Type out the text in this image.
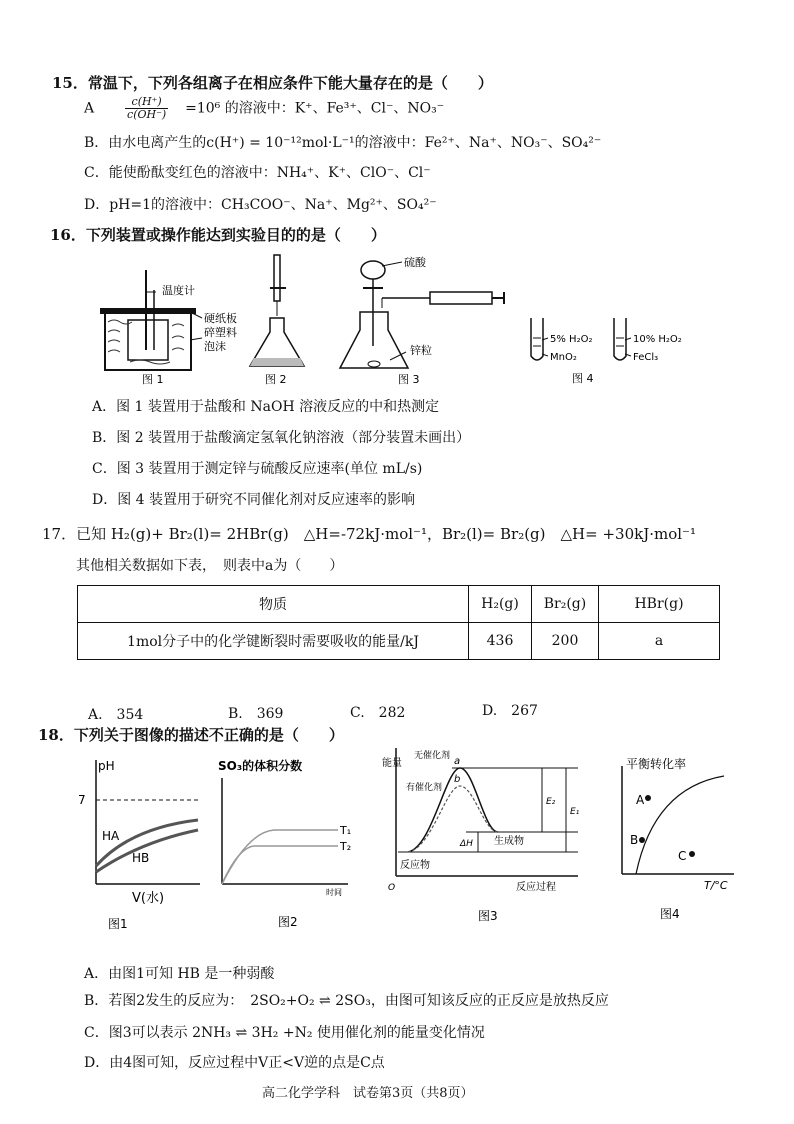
15．常温下，下列各组离子在相应条件下能大量存在的是（　　）
A	$\frac{c(H^+)}{c(OH^-)} =10^6$ 的溶液中：K⁺、Fe³⁺、Cl⁻、NO₃⁻
B．由水电离产生的c(H⁺) = 10⁻¹²mol·L⁻¹的溶液中：Fe²⁺、Na⁺、NO₃⁻、SO₄²⁻
C．能使酚酞变红色的溶液中：NH₄⁺、K⁺、ClO⁻、Cl⁻
D．pH=1的溶液中：CH₃COO⁻、Na⁺、Mg²⁺、SO₄²⁻
16．下列装置或操作能达到实验目的的是（　　）
温度计
硬纸板
碎塑料
泡沫
图 1	图 2
硫酸
锌粒
图 3
5% H₂O₂
MnO₂
10% H₂O₂
FeCl₃
图 4
A．图 1 装置用于盐酸和 NaOH 溶液反应的中和热测定
B．图 2 装置用于盐酸滴定氢氧化钠溶液（部分装置未画出）
C．图 3 装置用于测定锌与硫酸反应速率(单位 mL/s)
D．图 4 装置用于研究不同催化剂对反应速率的影响
17．已知 H₂(g)+ Br₂(l)= 2HBr(g)　△H=-72kJ·mol⁻¹，Br₂(l)= Br₂(g)　△H= +30kJ·mol⁻¹
其他相关数据如下表，　则表中a为（　　）
物质	H₂(g)	Br₂(g)	HBr(g)
1mol分子中的化学键断裂时需要吸收的能量/kJ	436	200	a
A.　354	B.　369	C.　282	D.　267
18．下列关于图像的描述不正确的是（　　）
pH
7
HA
HB
V(水)
图1
SO₃的体积分数
T₁
T₂
时间
图2
能量
无催化剂
有催化剂
a
b
E₂
E₁
ΔH 生成物
反应物
O	反应过程
图3
平衡转化率
A
B
C
T/°C
图4
A．由图1可知 HB 是一种弱酸
B．若图2发生的反应为：　2SO₂+O₂ ⇌ 2SO₃，由图可知该反应的正反应是放热反应
C．图3可以表示 2NH₃ ⇌ 3H₂ +N₂ 使用催化剂的能量变化情况
D．由4图可知，反应过程中V正<V逆的点是C点
高二化学学科　试卷第3页（共8页）
